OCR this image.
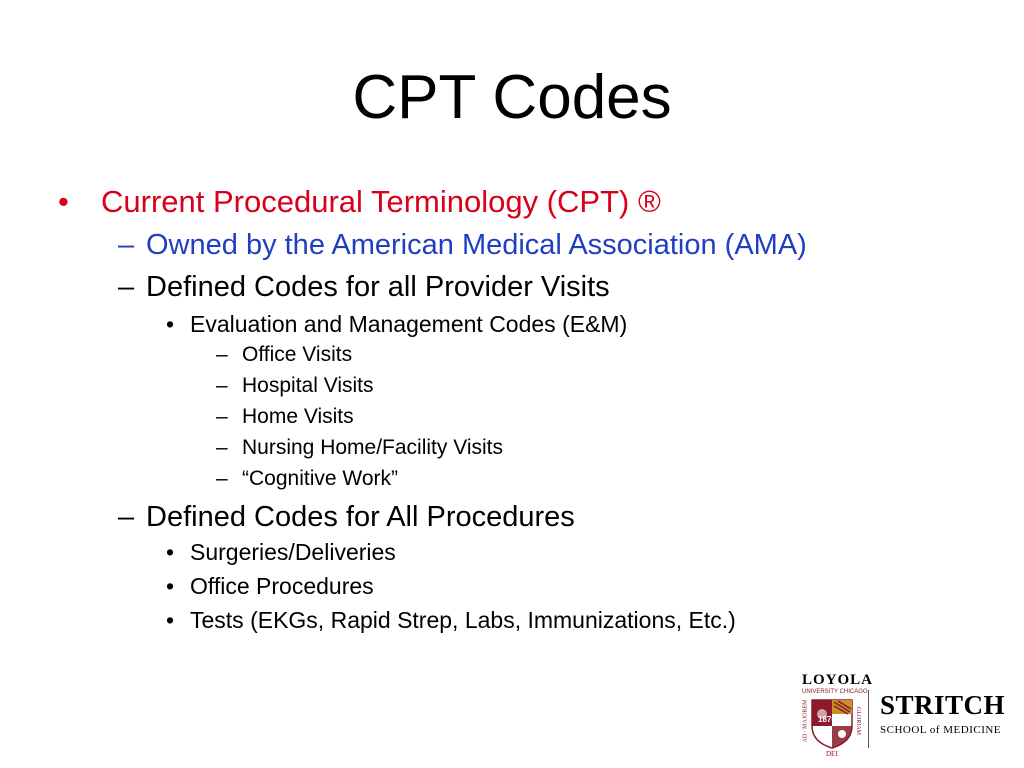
CPT Codes
• Current Procedural Terminology (CPT) ®
– Owned by the American Medical Association (AMA)
– Defined Codes for all Provider Visits
• Evaluation and Management Codes (E&M)
– Office Visits
– Hospital Visits
– Home Visits
– Nursing Home/Facility Visits
– “Cognitive Work”
– Defined Codes for All Procedures
• Surgeries/Deliveries
• Office Procedures
• Tests (EKGs, Rapid Strep, Labs, Immunizations, Etc.)
LOYOLA
UNIVERSITY CHICAGO
1870
AD · MAJOREM
DEI
GLORIAM
STRITCH
SCHOOL of MEDICINE
